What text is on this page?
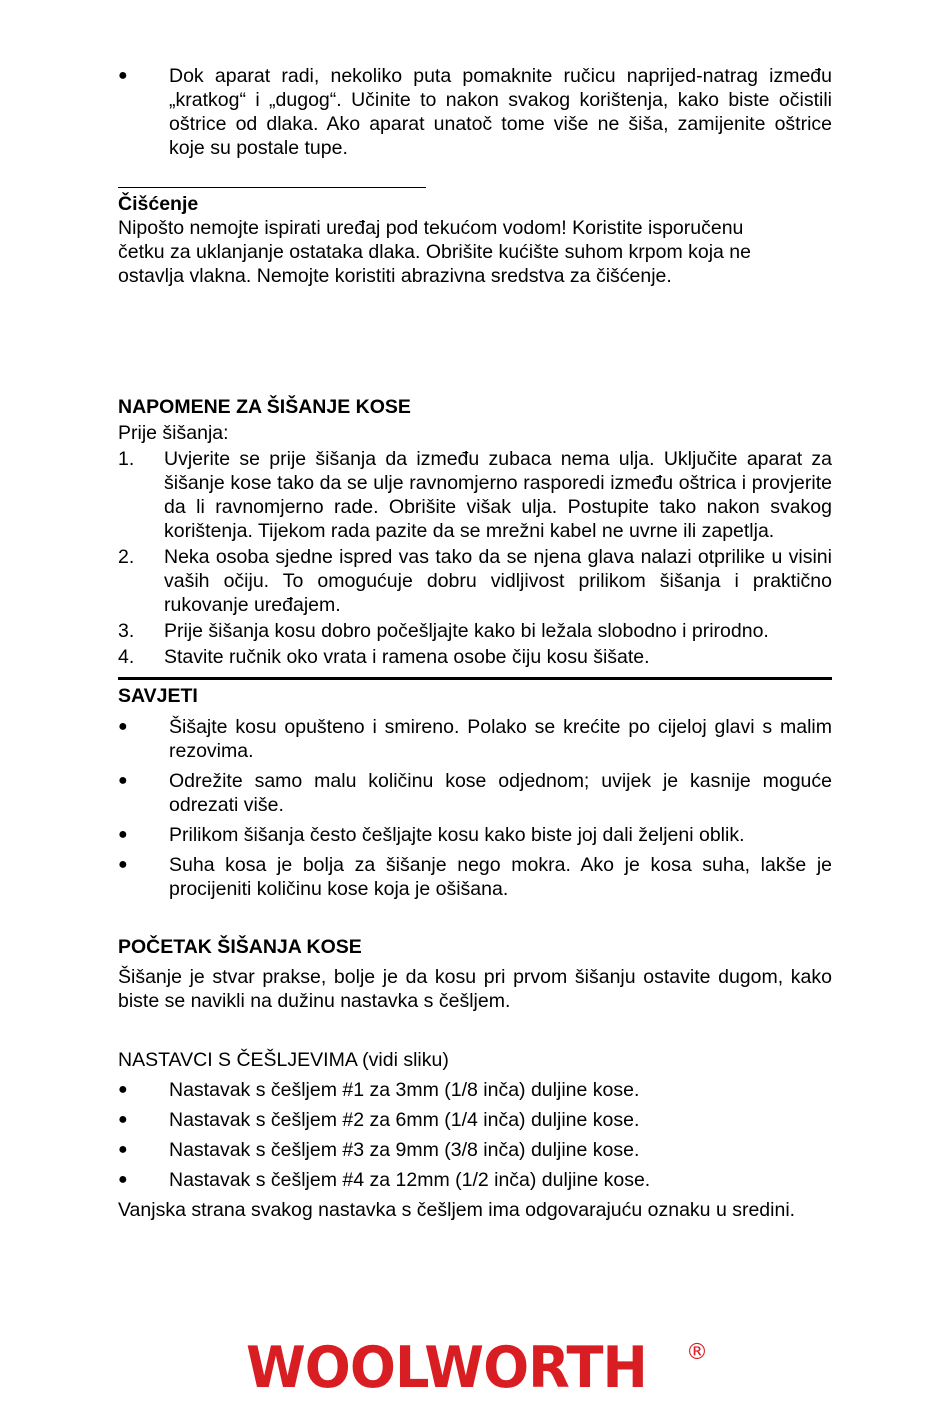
● Dok aparat radi, nekoliko puta pomaknite ručicu naprijed-natrag između
„kratkog“ i „dugog“. Učinite to nakon svakog korištenja, kako biste očistili
oštrice od dlaka. Ako aparat unatoč tome više ne šiša, zamijenite oštrice
koje su postale tupe.
Čišćenje
Nipošto nemojte ispirati uređaj pod tekućom vodom! Koristite isporučenu
četku za uklanjanje ostataka dlaka. Obrišite kućište suhom krpom koja ne
ostavlja vlakna. Nemojte koristiti abrazivna sredstva za čišćenje.
NAPOMENE ZA ŠIŠANJE KOSE
Prije šišanja:
1. Uvjerite se prije šišanja da između zubaca nema ulja. Uključite aparat za šišanje kose tako da se ulje ravnomjerno rasporedi između oštrica i provjerite da li ravnomjerno rade. Obrišite višak ulja. Postupite tako nakon svakog korištenja. Tijekom rada pazite da se mrežni kabel ne uvrne ili zapetlja.
2. Neka osoba sjedne ispred vas tako da se njena glava nalazi otprilike u visini vaših očiju. To omogućuje dobru vidljivost prilikom šišanja i praktično rukovanje uređajem.
3. Prije šišanja kosu dobro počešljajte kako bi ležala slobodno i prirodno.
4. Stavite ručnik oko vrata i ramena osobe čiju kosu šišate.
SAVJETI
● Šišajte kosu opušteno i smireno. Polako se krećite po cijeloj glavi s malim rezovima.
● Odrežite samo malu količinu kose odjednom; uvijek je kasnije moguće odrezati više.
● Prilikom šišanja često češljajte kosu kako biste joj dali željeni oblik.
● Suha kosa je bolja za šišanje nego mokra. Ako je kosa suha, lakše je procijeniti količinu kose koja je ošišana.
POČETAK ŠIŠANJA KOSE
Šišanje je stvar prakse, bolje je da kosu pri prvom šišanju ostavite dugom, kako biste se navikli na dužinu nastavka s češljem.
NASTAVCI S ČEŠLJEVIMA (vidi sliku)
● Nastavak s češljem #1 za 3mm (1/8 inča) duljine kose.
● Nastavak s češljem #2 za 6mm (1/4 inča) duljine kose.
● Nastavak s češljem #3 za 9mm (3/8 inča) duljine kose.
● Nastavak s češljem #4 za 12mm (1/2 inča) duljine kose.
Vanjska strana svakog nastavka s češljem ima odgovarajuću oznaku u sredini.
WOOLWORTH ®
